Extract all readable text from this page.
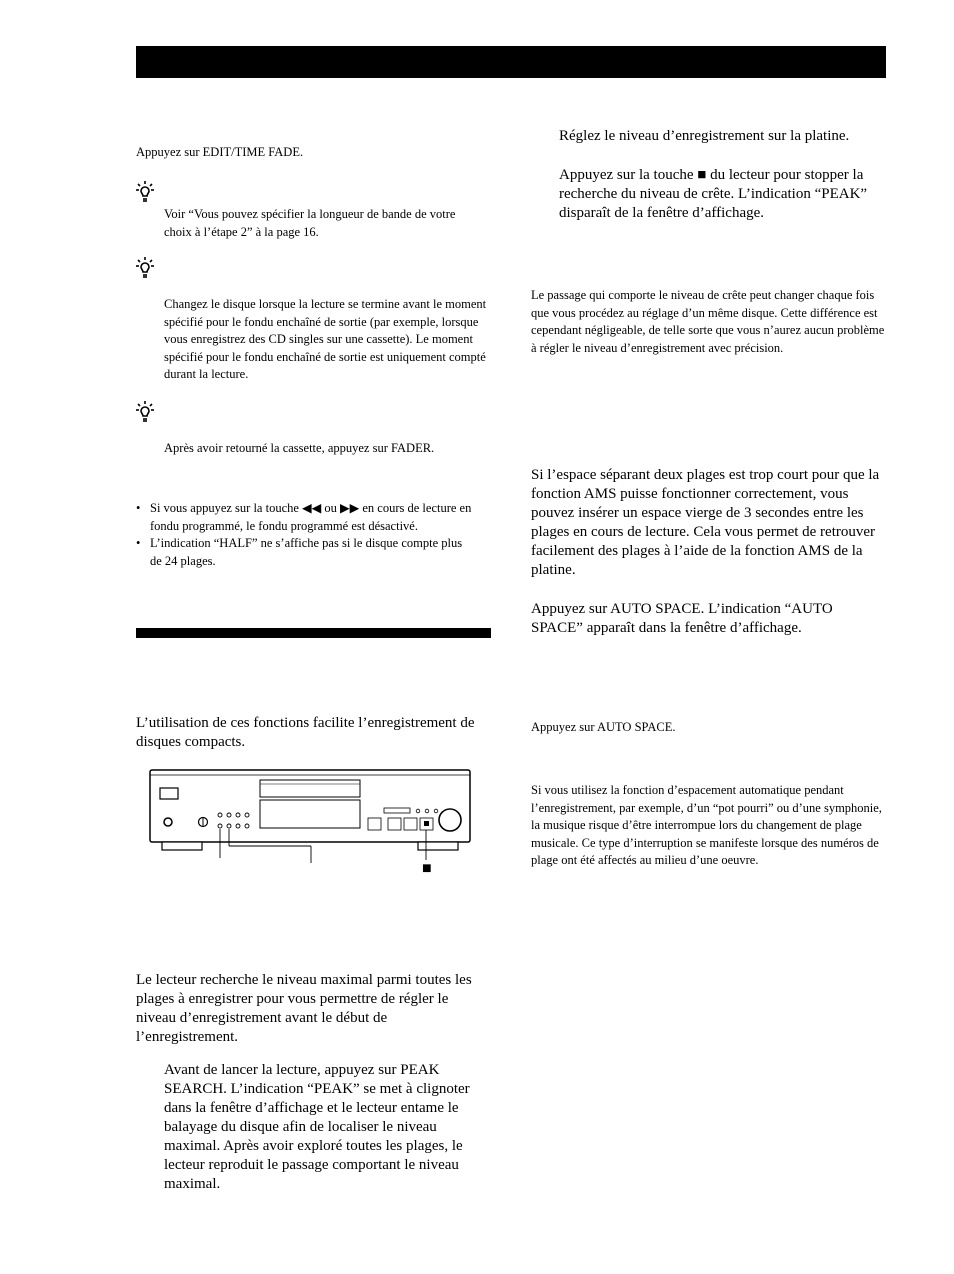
Appuyez sur EDIT/TIME FADE.
Voir “Vous pouvez spécifier la longueur de bande de votre choix à l’étape 2” à la page 16.
Changez le disque lorsque la lecture se termine avant le moment spécifié pour le fondu enchaîné de sortie (par exemple, lorsque vous enregistrez des CD singles sur une cassette). Le moment spécifié pour le fondu enchaîné de sortie est uniquement compté durant la lecture.
Après avoir retourné la cassette, appuyez sur FADER.
• Si vous appuyez sur la touche ◀◀ ou ▶▶ en cours de lecture en fondu programmé, le fondu programmé est désactivé.
• L’indication “HALF” ne s’affiche pas si le disque compte plus de 24 plages.
L’utilisation de ces fonctions facilite l’enregistrement de disques compacts.
■
Le lecteur recherche le niveau maximal parmi toutes les plages à enregistrer pour vous permettre de régler le niveau d’enregistrement avant le début de l’enregistrement.
Avant de lancer la lecture, appuyez sur PEAK SEARCH. L’indication “PEAK” se met à clignoter dans la fenêtre d’affichage et le lecteur entame le balayage du disque afin de localiser le niveau maximal. Après avoir exploré toutes les plages, le lecteur reproduit le passage comportant le niveau maximal.
Réglez le niveau d’enregistrement sur la platine.
Appuyez sur la touche ■ du lecteur pour stopper la recherche du niveau de crête. L’indication “PEAK” disparaît de la fenêtre d’affichage.
Le passage qui comporte le niveau de crête peut changer chaque fois que vous procédez au réglage d’un même disque. Cette différence est cependant négligeable, de telle sorte que vous n’aurez aucun problème à régler le niveau d’enregistrement avec précision.
Si l’espace séparant deux plages est trop court pour que la fonction AMS puisse fonctionner correctement, vous pouvez insérer un espace vierge de 3 secondes entre les plages en cours de lecture. Cela vous permet de retrouver facilement des plages à l’aide de la fonction AMS de la platine.
Appuyez sur AUTO SPACE. L’indication “AUTO SPACE” apparaît dans la fenêtre d’affichage.
Appuyez sur AUTO SPACE.
Si vous utilisez la fonction d’espacement automatique pendant l’enregistrement, par exemple, d’un “pot pourri” ou d’une symphonie, la musique risque d’être interrompue lors du changement de plage musicale. Ce type d’interruption se manifeste lorsque des numéros de plage ont été affectés au milieu d’une oeuvre.
